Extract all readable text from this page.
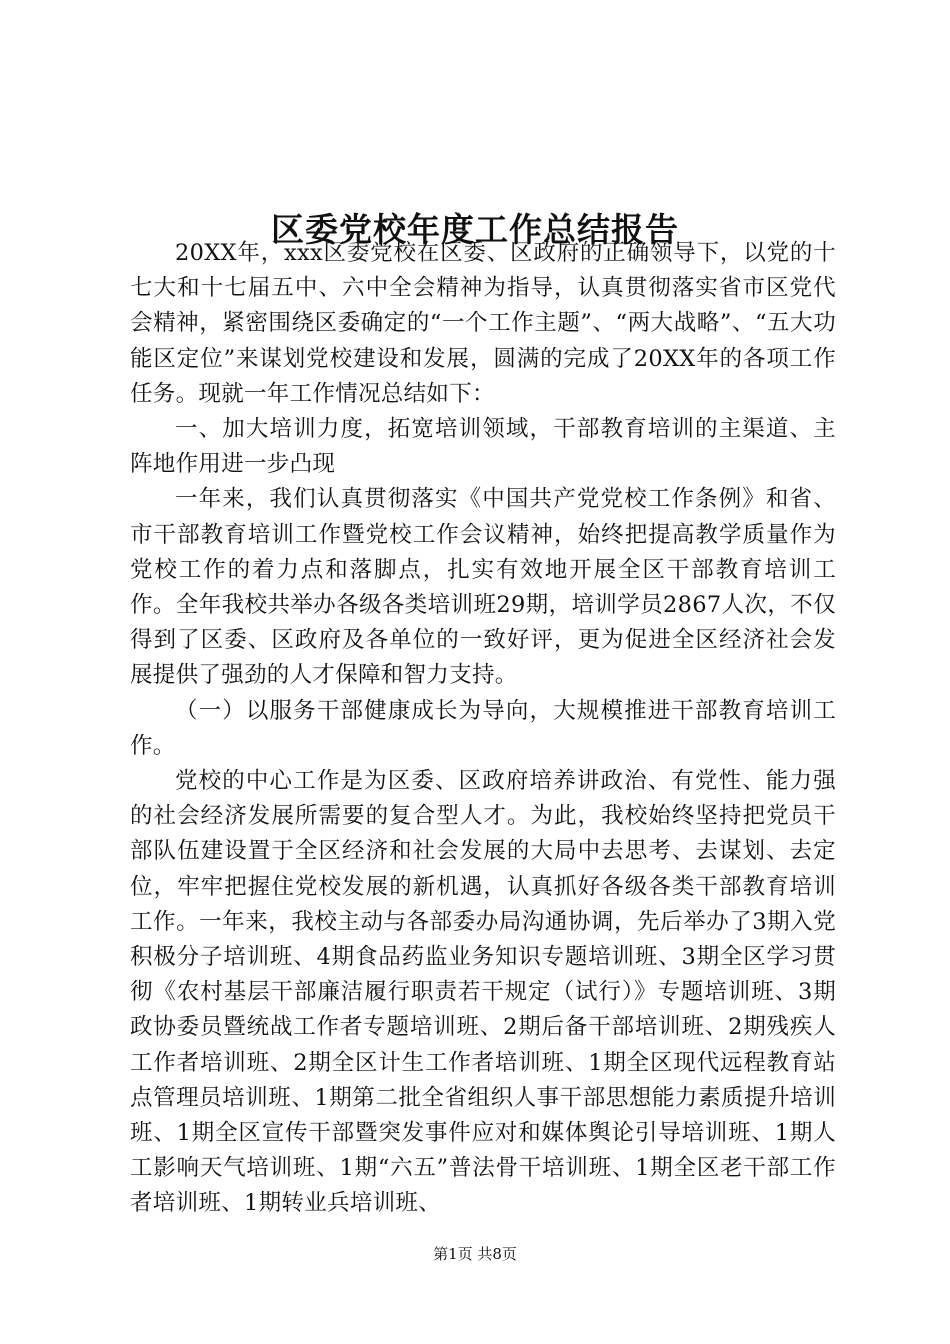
区委党校年度工作总结报告

20XX年，xxx区委党校在区委、区政府的正确领导下，以党的十七大和十七届五中、六中全会精神为指导，认真贯彻落实省市区党代会精神，紧密围绕区委确定的“一个工作主题”、“两大战略”、“五大功能区定位”来谋划党校建设和发展，圆满的完成了20XX年的各项工作任务。现就一年工作情况总结如下：

一、加大培训力度，拓宽培训领域，干部教育培训的主渠道、主阵地作用进一步凸现

一年来，我们认真贯彻落实《中国共产党党校工作条例》和省、市干部教育培训工作暨党校工作会议精神，始终把提高教学质量作为党校工作的着力点和落脚点，扎实有效地开展全区干部教育培训工作。全年我校共举办各级各类培训班29期，培训学员2867人次，不仅得到了区委、区政府及各单位的一致好评，更为促进全区经济社会发展提供了强劲的人才保障和智力支持。

（一）以服务干部健康成长为导向，大规模推进干部教育培训工作。

党校的中心工作是为区委、区政府培养讲政治、有党性、能力强的社会经济发展所需要的复合型人才。为此，我校始终坚持把党员干部队伍建设置于全区经济和社会发展的大局中去思考、去谋划、去定位，牢牢把握住党校发展的新机遇，认真抓好各级各类干部教育培训工作。一年来，我校主动与各部委办局沟通协调，先后举办了3期入党积极分子培训班、4期食品药监业务知识专题培训班、3期全区学习贯彻《农村基层干部廉洁履行职责若干规定（试行）》专题培训班、3期政协委员暨统战工作者专题培训班、2期后备干部培训班、2期残疾人工作者培训班、2期全区计生工作者培训班、1期全区现代远程教育站点管理员培训班、1期第二批全省组织人事干部思想能力素质提升培训班、1期全区宣传干部暨突发事件应对和媒体舆论引导培训班、1期人工影响天气培训班、1期“六五”普法骨干培训班、1期全区老干部工作者培训班、1期转业兵培训班、

第1页 共8页
